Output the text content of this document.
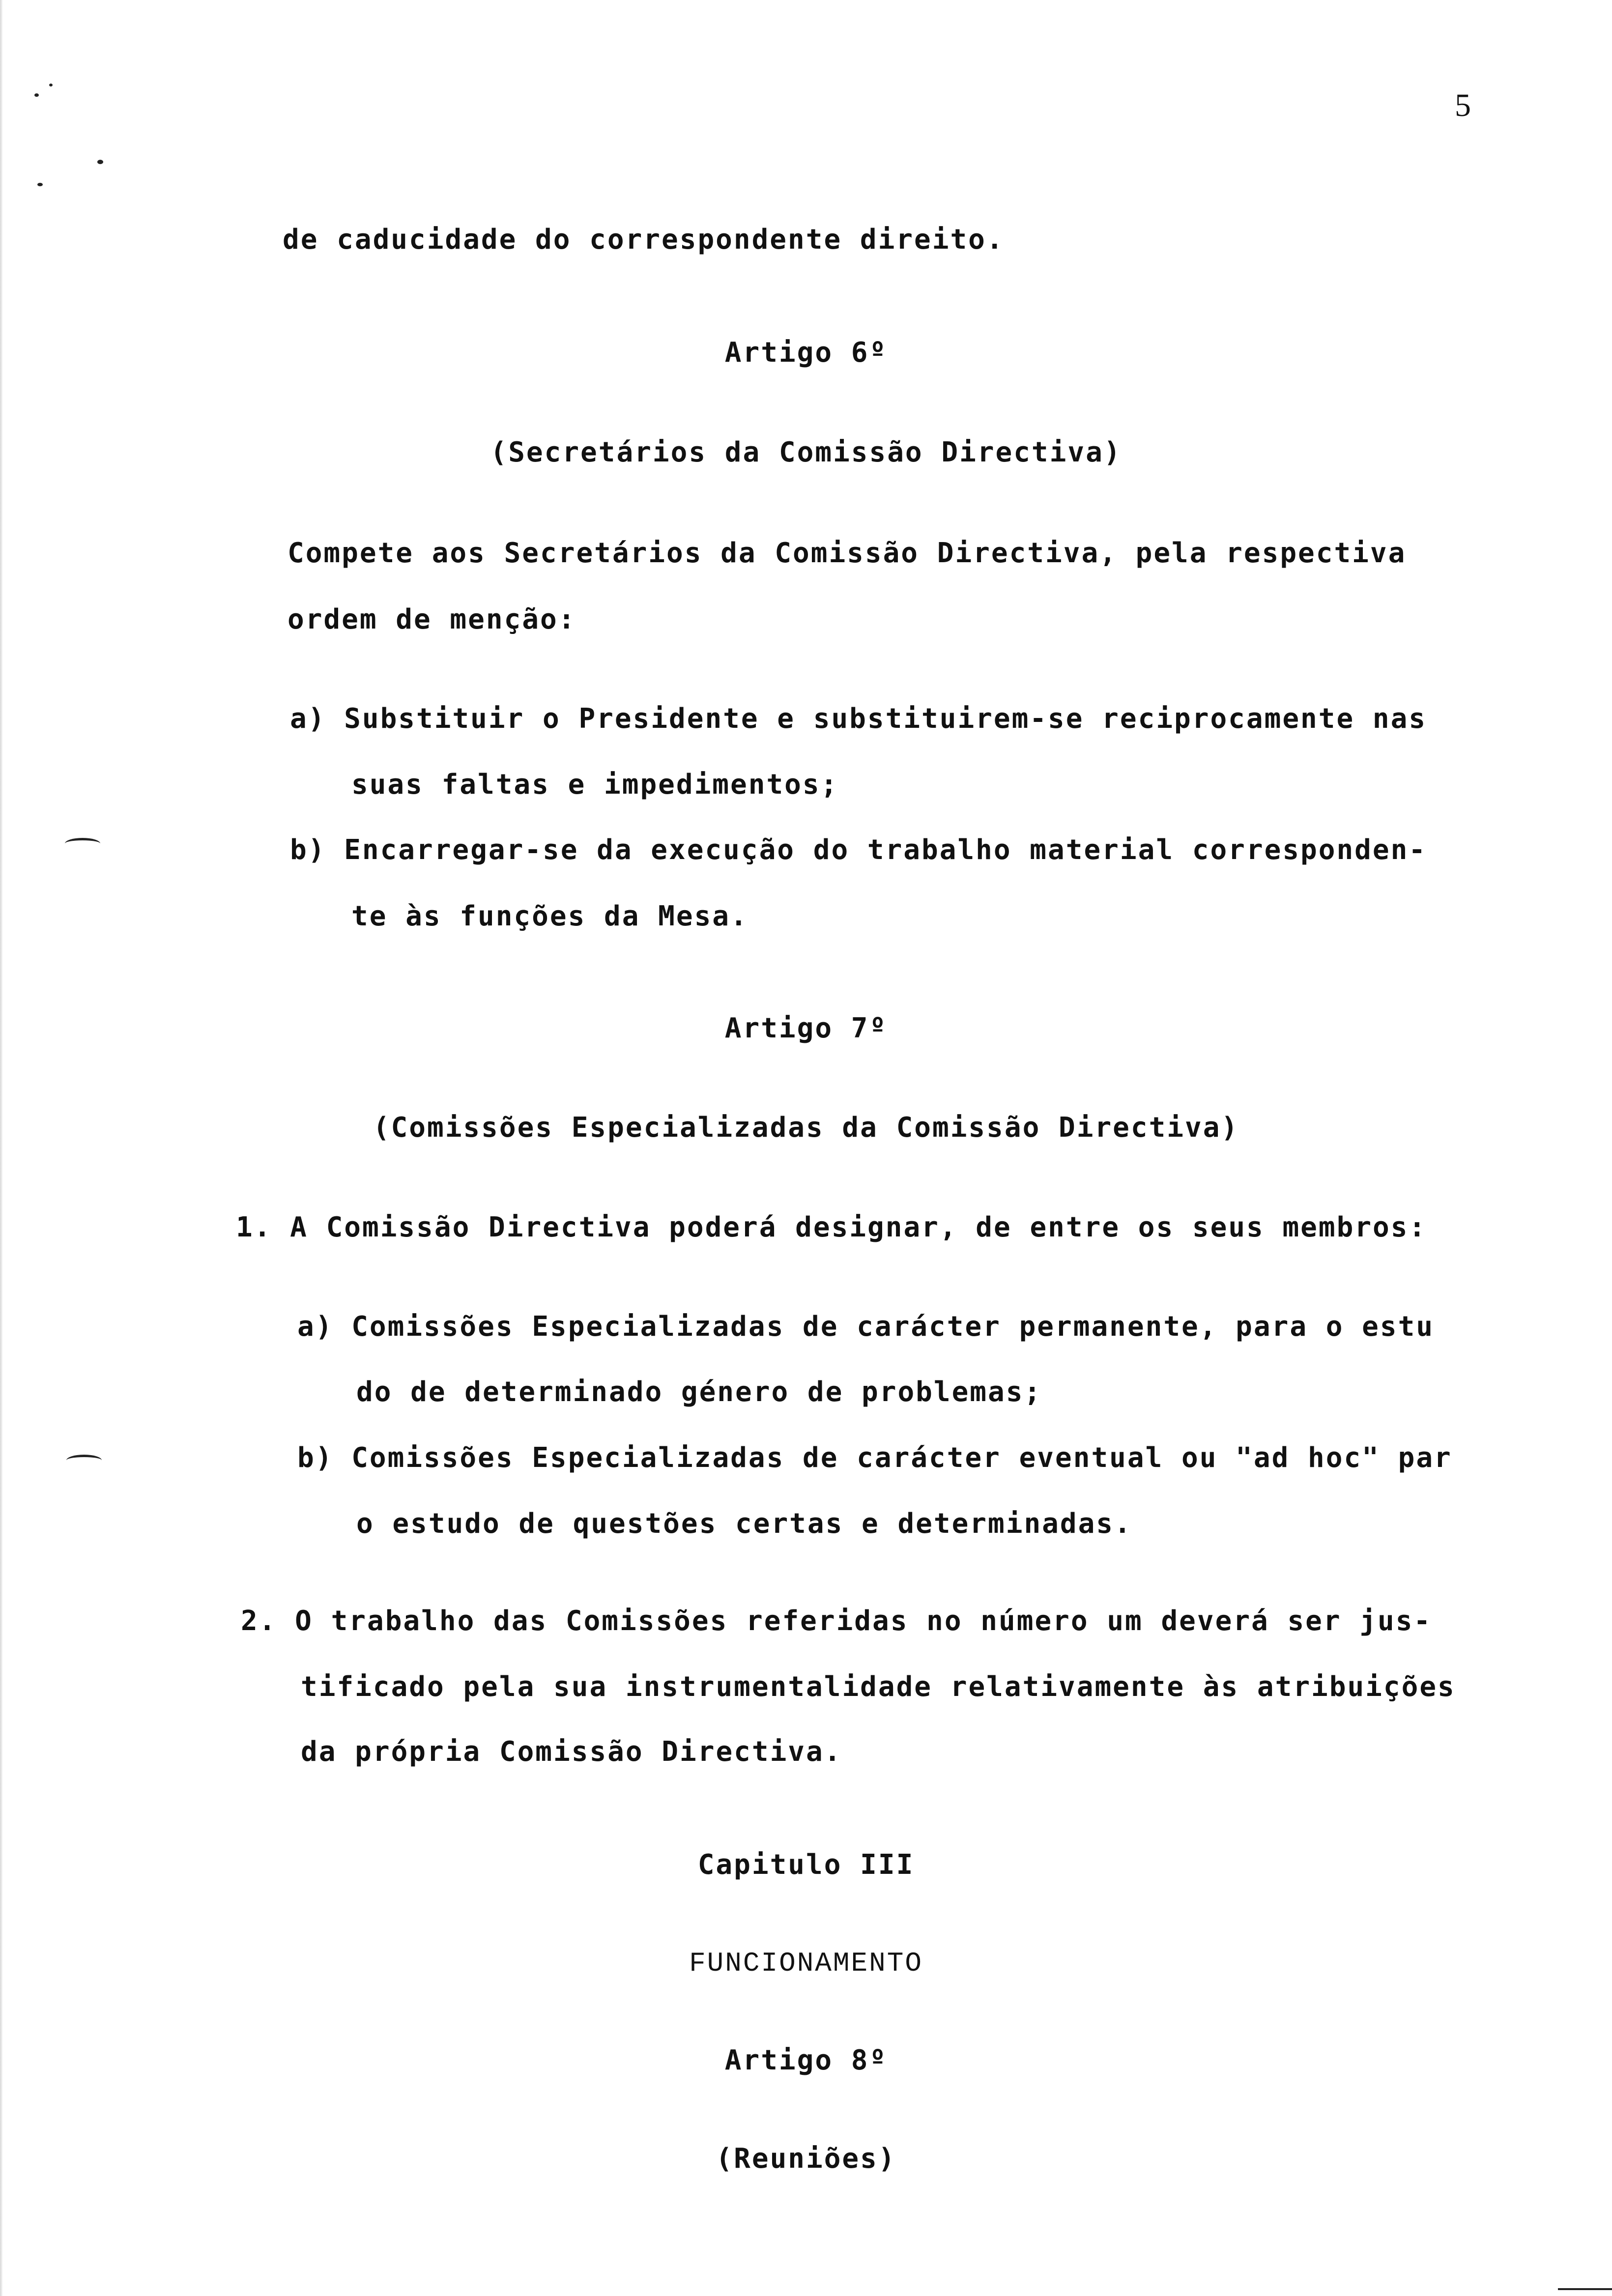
5

de caducidade do correspondente direito.

Artigo 6º

(Secretários da Comissão Directiva)

Compete aos Secretários da Comissão Directiva, pela respectiva

ordem de menção:

a) Substituir o Presidente e substituirem-se reciprocamente nas

suas faltas e impedimentos;

b) Encarregar-se da execução do trabalho material corresponden-

te às funções da Mesa.

Artigo 7º

(Comissões Especializadas da Comissão Directiva)

1. A Comissão Directiva poderá designar, de entre os seus membros:

a) Comissões Especializadas de carácter permanente, para o estu

do de determinado género de problemas;

b) Comissões Especializadas de carácter eventual ou "ad hoc" par

o estudo de questões certas e determinadas.

2. O trabalho das Comissões referidas no número um deverá ser jus-

tificado pela sua instrumentalidade relativamente às atribuições

da própria Comissão Directiva.

Capitulo III

FUNCIONAMENTO

Artigo 8º

(Reuniões)
